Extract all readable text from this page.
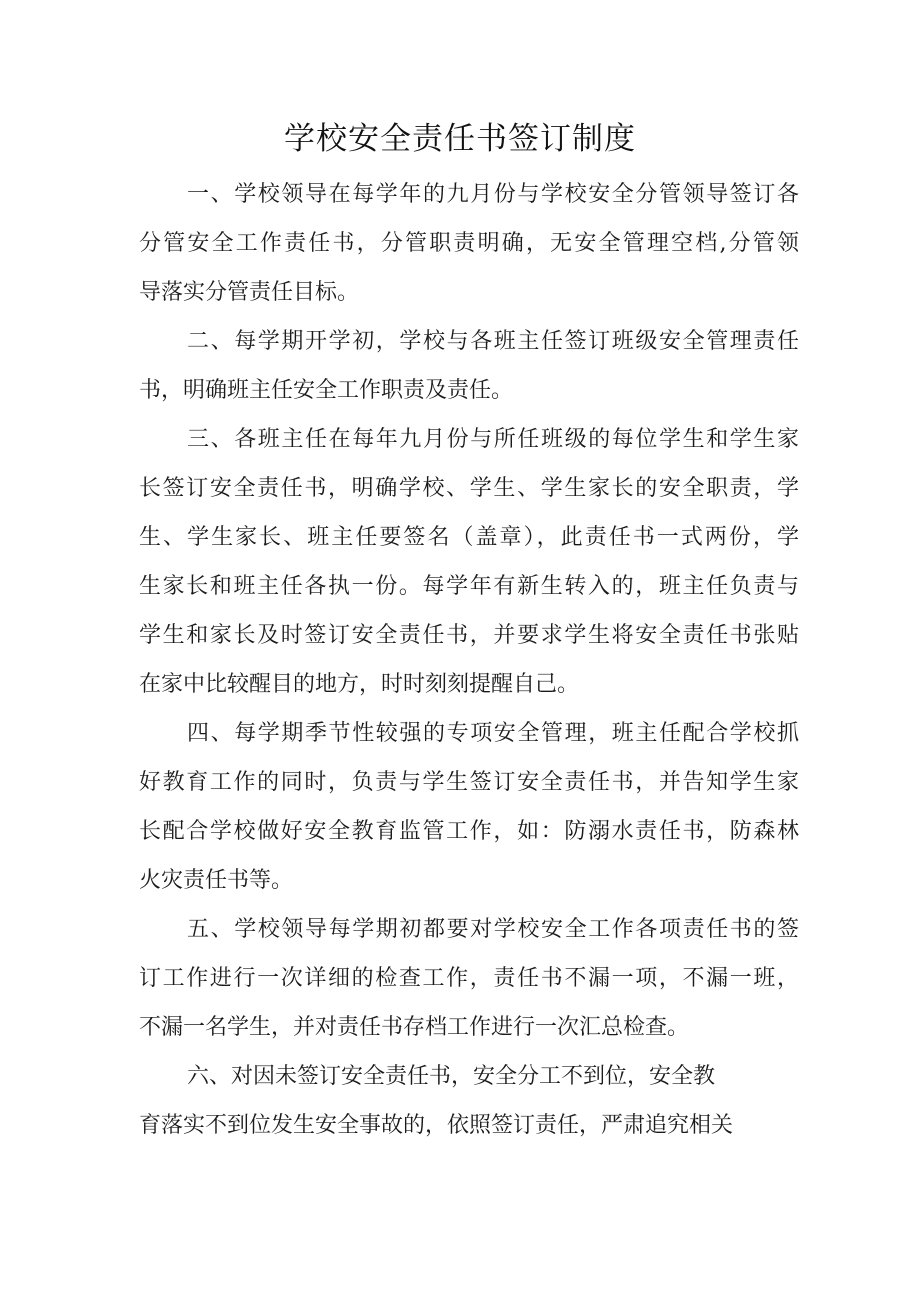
学校安全责任书签订制度
一、学校领导在每学年的九月份与学校安全分管领导签订各
分管安全工作责任书，分管职责明确，无安全管理空档,分管领
导落实分管责任目标。
二、每学期开学初，学校与各班主任签订班级安全管理责任
书，明确班主任安全工作职责及责任。
三、各班主任在每年九月份与所任班级的每位学生和学生家
长签订安全责任书，明确学校、学生、学生家长的安全职责，学
生、学生家长、班主任要签名（盖章），此责任书一式两份，学
生家长和班主任各执一份。每学年有新生转入的，班主任负责与
学生和家长及时签订安全责任书，并要求学生将安全责任书张贴
在家中比较醒目的地方，时时刻刻提醒自己。
四、每学期季节性较强的专项安全管理，班主任配合学校抓
好教育工作的同时，负责与学生签订安全责任书，并告知学生家
长配合学校做好安全教育监管工作，如：防溺水责任书，防森林
火灾责任书等。
五、学校领导每学期初都要对学校安全工作各项责任书的签
订工作进行一次详细的检查工作，责任书不漏一项，不漏一班，
不漏一名学生，并对责任书存档工作进行一次汇总检查。
六、对因未签订安全责任书，安全分工不到位，安全教
育落实不到位发生安全事故的，依照签订责任，严肃追究相关
